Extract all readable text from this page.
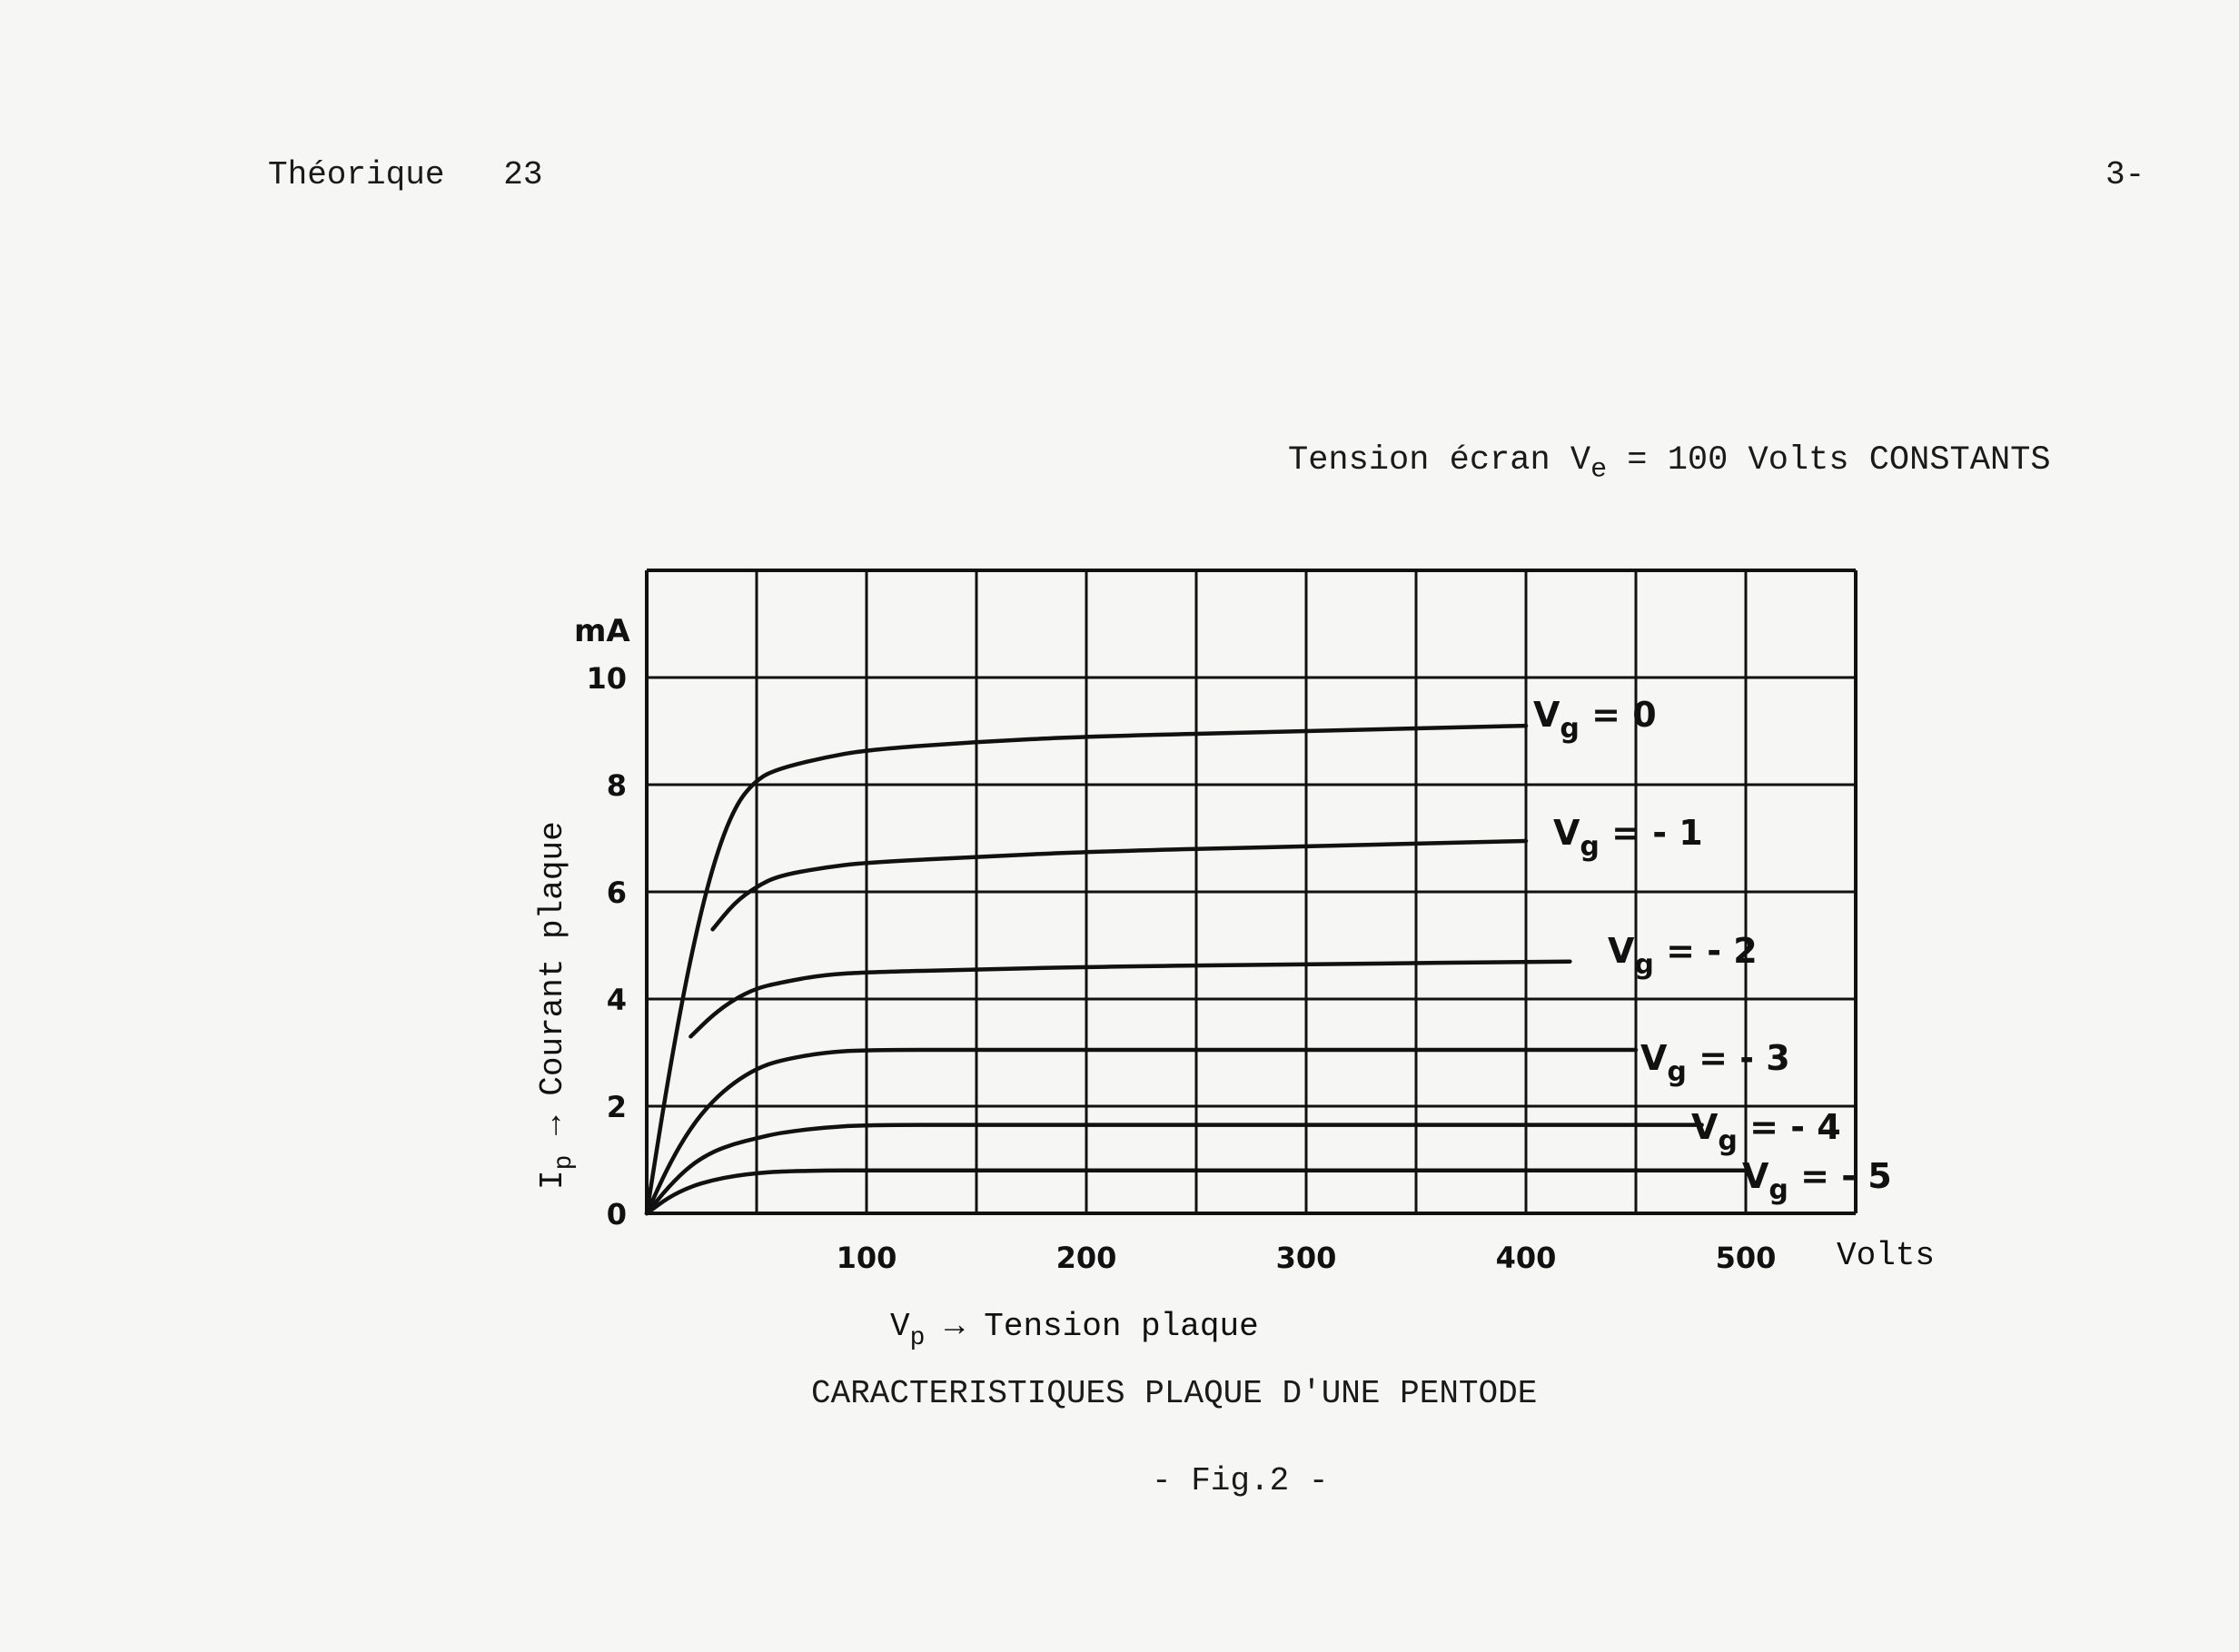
Théorique   23	3-
Tension écran $V_e = 100$ Volts CONSTANTS
0
2
4
6
8
10
100	200	300	400	500
$V_g = 0$
$V_g$ = - 1
$V_g$ = - 2
$V_g$ = - 3
$V_g$ = - 4
$V_g$ = - 5
mA
Volts
$I_p$ → Courant plaque
$V_p$ → Tension plaque
CARACTERISTIQUES PLAQUE D'UNE PENTODE
- Fig.2 -
